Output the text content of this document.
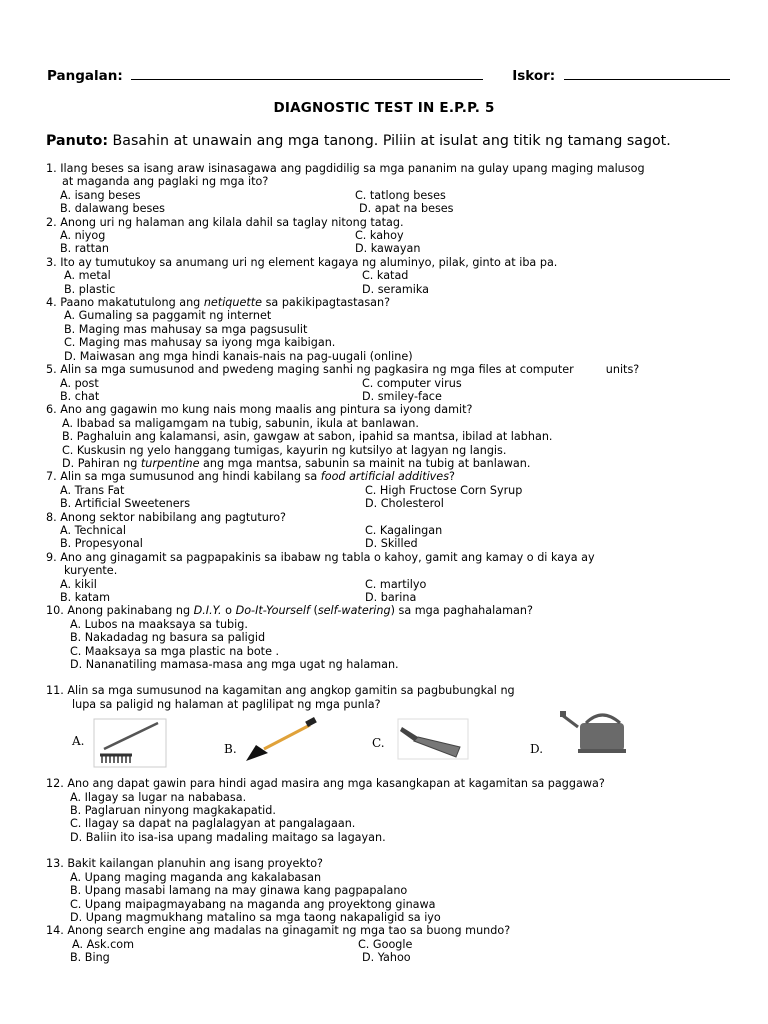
Pangalan:	Iskor:
DIAGNOSTIC TEST IN E.P.P. 5
Panuto: Basahin at unawain ang mga tanong. Piliin at isulat ang titik ng tamang sagot.
1. Ilang beses sa isang araw isinasagawa ang pagdidilig sa mga pananim na gulay upang maging malusog
at maganda ang paglaki ng mga ito?
A. isang beses	C. tatlong beses
B. dalawang beses	D. apat na beses
2. Anong uri ng halaman ang kilala dahil sa taglay nitong tatag.
A. niyog	C. kahoy
B. rattan	D. kawayan
3. Ito ay tumutukoy sa anumang uri ng element kagaya ng aluminyo, pilak, ginto at iba pa.
A. metal	C. katad
B. plastic	D. seramika
4. Paano makatutulong ang netiquette sa pakikipagtastasan?
A. Gumaling sa paggamit ng internet
B. Maging mas mahusay sa mga pagsusulit
C. Maging mas mahusay sa iyong mga kaibigan.
D. Maiwasan ang mga hindi kanais-nais na pag-uugali (online)
5. Alin sa mga sumusunod and pwedeng maging sanhi ng pagkasira ng mga files at computer	units?
A. post	C. computer virus
B. chat	D. smiley-face
6. Ano ang gagawin mo kung nais mong maalis ang pintura sa iyong damit?
A. Ibabad sa maligamgam na tubig, sabunin, ikula at banlawan.
B. Paghaluin ang kalamansi, asin, gawgaw at sabon, ipahid sa mantsa, ibilad at labhan.
C. Kuskusin ng yelo hanggang tumigas, kayurin ng kutsilyo at lagyan ng langis.
D. Pahiran ng turpentine ang mga mantsa, sabunin sa mainit na tubig at banlawan.
7. Alin sa mga sumusunod ang hindi kabilang sa food artificial additives?
A. Trans Fat	C. High Fructose Corn Syrup
B. Artificial Sweeteners	D. Cholesterol
8. Anong sektor nabibilang ang pagtuturo?
A. Technical	C. Kagalingan
B. Propesyonal	D. Skilled
9. Ano ang ginagamit sa pagpapakinis sa ibabaw ng tabla o kahoy, gamit ang kamay o di kaya ay
kuryente.
A. kikil	C. martilyo
B. katam	D. barina
10. Anong pakinabang ng D.I.Y. o Do-It-Yourself (self-watering) sa mga paghahalaman?
A. Lubos na maaksaya sa tubig.
B. Nakadadag ng basura sa paligid
C. Maaksaya sa mga plastic na bote .
D. Nananatiling mamasa-masa ang mga ugat ng halaman.
11. Alin sa mga sumusunod na kagamitan ang angkop gamitin sa pagbubungkal ng
lupa sa paligid ng halaman at paglilipat ng mga punla?
A.
B.	C.	D.
12. Ano ang dapat gawin para hindi agad masira ang mga kasangkapan at kagamitan sa paggawa?
A. Ilagay sa lugar na nababasa.
B. Paglaruan ninyong magkakapatid.
C. Ilagay sa dapat na paglalagyan at pangalagaan.
D. Baliin ito isa-isa upang madaling maitago sa lagayan.
13. Bakit kailangan planuhin ang isang proyekto?
A. Upang maging maganda ang kakalabasan
B. Upang masabi lamang na may ginawa kang pagpapalano
C. Upang maipagmayabang na maganda ang proyektong ginawa
D. Upang magmukhang matalino sa mga taong nakapaligid sa iyo
14. Anong search engine ang madalas na ginagamit ng mga tao sa buong mundo?
A. Ask.com	C. Google
B. Bing	D. Yahoo
